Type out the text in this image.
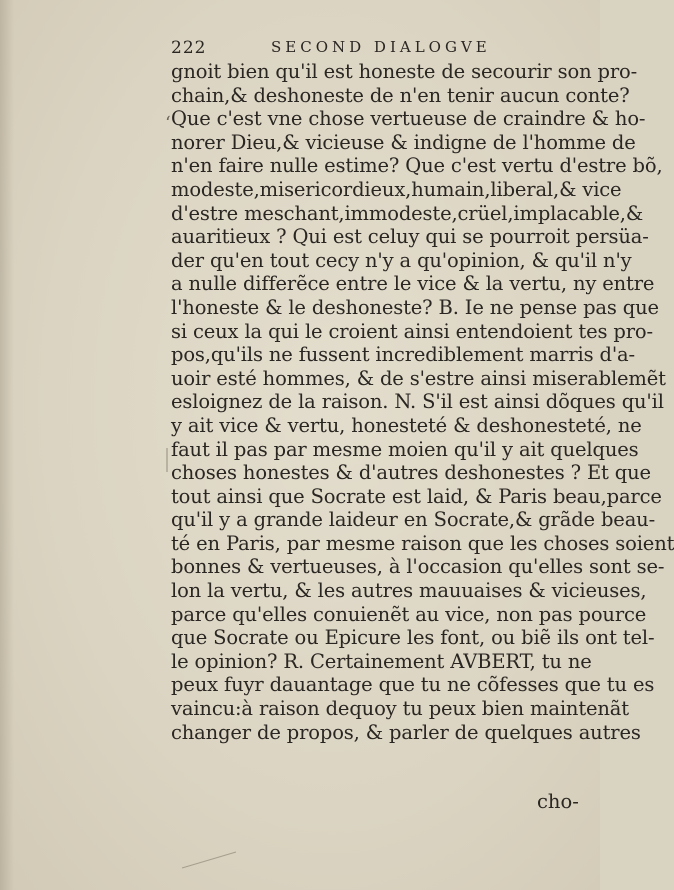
222	SECOND DIALOGVE
‘
gnoit bien qu'il est honeste de secourir son pro-
chain,& deshoneste de n'en tenir aucun conte?
Que c'est vne chose vertueuse de craindre & ho-
norer Dieu,& vicieuse & indigne de l'homme de
n'en faire nulle estime? Que c'est vertu d'estre bõ,
modeste,misericordieux,humain,liberal,& vice
d'estre meschant,immodeste,crüel,implacable,&
auaritieux ? Qui est celuy qui se pourroit persüa-
der qu'en tout cecy n'y a qu'opinion, & qu'il n'y
a nulle differẽce entre le vice & la vertu, ny entre
l'honeste & le deshoneste? B. Ie ne pense pas que
si ceux la qui le croient ainsi entendoient tes pro-
pos,qu'ils ne fussent incrediblement marris d'a-
uoir esté hommes, & de s'estre ainsi miserablemẽt
esloignez de la raison. N. S'il est ainsi dõques qu'il
y ait vice & vertu, honesteté & deshonesteté, ne
faut il pas par mesme moien qu'il y ait quelques
choses honestes & d'autres deshonestes ? Et que
tout ainsi que Socrate est laid, & Paris beau,parce
qu'il y a grande laideur en Socrate,& grãde beau-
té en Paris, par mesme raison que les choses soient
bonnes & vertueuses, à l'occasion qu'elles sont se-
lon la vertu, & les autres mauuaises & vicieuses,
parce qu'elles conuienẽt au vice, non pas pource
que Socrate ou Epicure les font, ou biẽ ils ont tel-
le opinion? R. Certainement AVBERT, tu ne
peux fuyr dauantage que tu ne cõfesses que tu es
vaincu:à raison dequoy tu peux bien maintenãt
changer de propos, & parler de quelques autres
cho-
